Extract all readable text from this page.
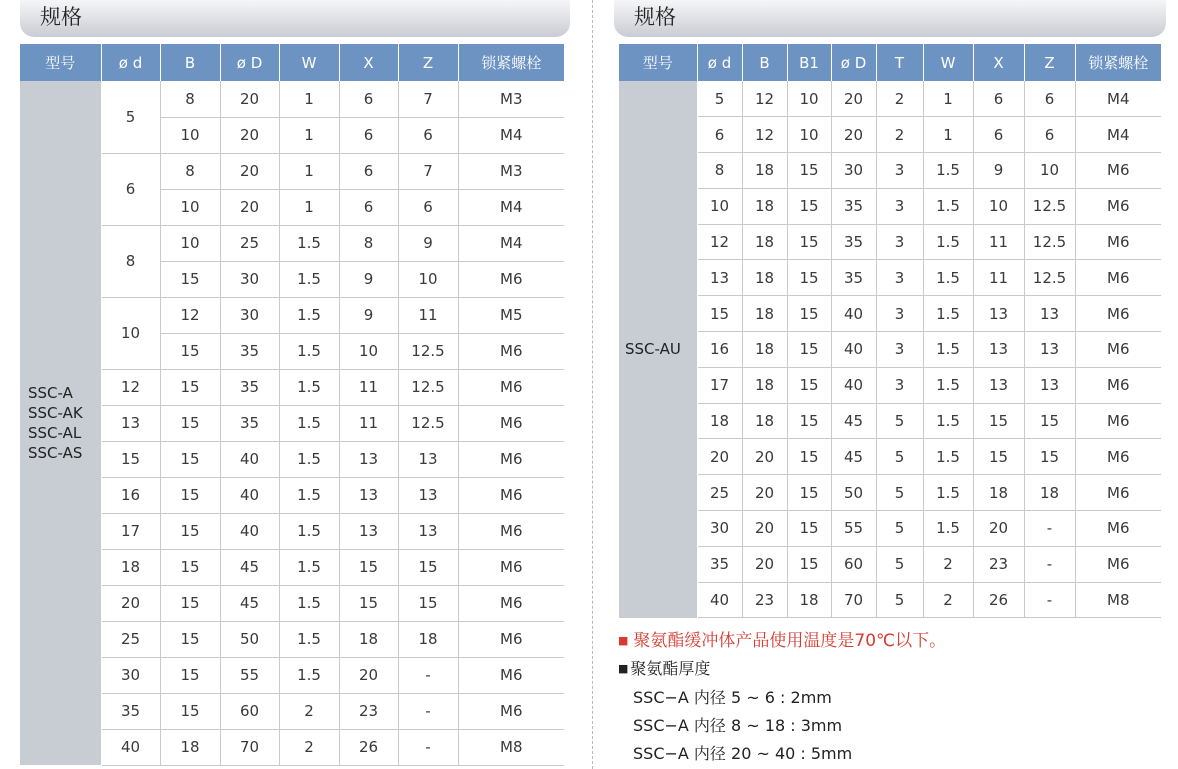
规格
型号	ø d	B	ø D	W	X	Z	锁紧螺栓

SSC-A
SSC-AK
SSC-AL
SSC-AS	5	8	20	1	6	7	M3
		10	20	1	6	6	M4
	6	8	20	1	6	7	M3
		10	20	1	6	6	M4
	8	10	25	1.5	8	9	M4
		15	30	1.5	9	10	M6
	10	12	30	1.5	9	11	M5
		15	35	1.5	10	12.5	M6
	12	15	35	1.5	11	12.5	M6
	13	15	35	1.5	11	12.5	M6
	15	15	40	1.5	13	13	M6
	16	15	40	1.5	13	13	M6
	17	15	40	1.5	13	13	M6
	18	15	45	1.5	15	15	M6
	20	15	45	1.5	15	15	M6
	25	15	50	1.5	18	18	M6
	30	15	55	1.5	20	-	M6
	35	15	60	2	23	-	M6
	40	18	70	2	26	-	M8
规格
型号	ø d	B	B1	ø D	T	W	X	Z	锁紧螺栓

SSC-AU	5	12	10	20	2	1	6	6	M4
	6	12	10	20	2	1	6	6	M4
	8	18	15	30	3	1.5	9	10	M6
	10	18	15	35	3	1.5	10	12.5	M6
	12	18	15	35	3	1.5	11	12.5	M6
	13	18	15	35	3	1.5	11	12.5	M6
	15	18	15	40	3	1.5	13	13	M6
	16	18	15	40	3	1.5	13	13	M6
	17	18	15	40	3	1.5	13	13	M6
	18	18	15	45	5	1.5	15	15	M6
	20	20	15	45	5	1.5	15	15	M6
	25	20	15	50	5	1.5	18	18	M6
	30	20	15	55	5	1.5	20	-	M6
	35	20	15	60	5	2	23	-	M6
	40	23	18	70	5	2	26	-	M8
■ 聚氨酯缓冲体产品使用温度是70℃以下。
■ 聚氨酯厚度
SSC−A 内径 5 ~ 6 : 2mm
SSC−A 内径 8 ~ 18 : 3mm
SSC−A 内径 20 ~ 40 : 5mm
